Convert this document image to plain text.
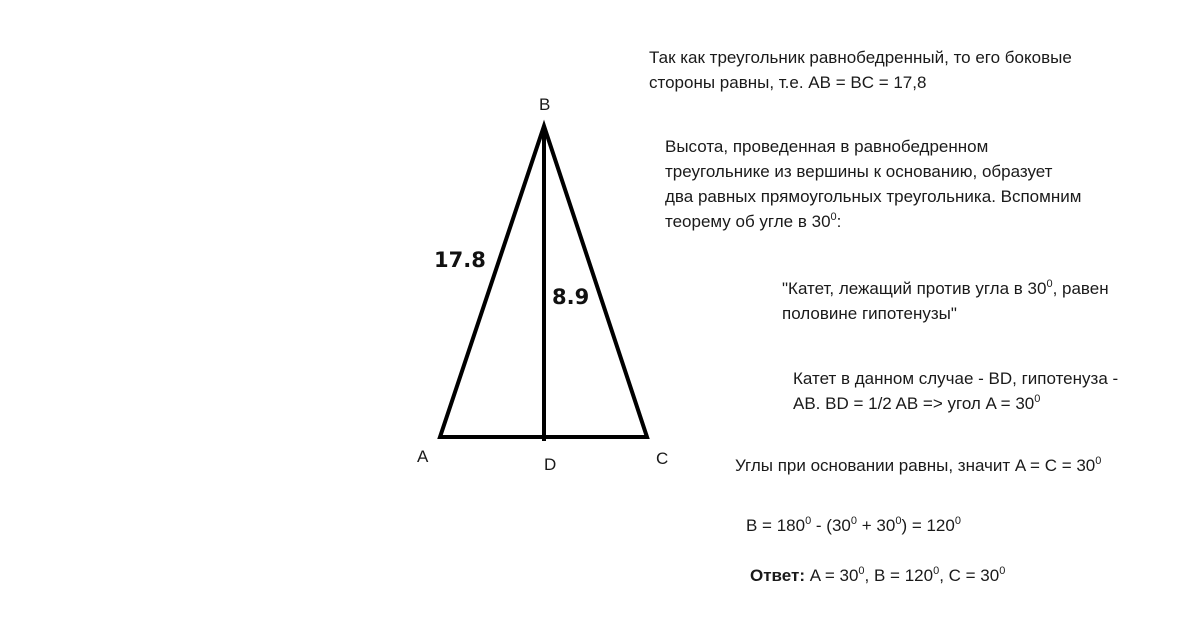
B
A	C
D
17.8
8.9
Так как треугольник равнобедренный, то его боковые
стороны равны, т.е. AB = BC = 17,8
Высота, проведенная в равнобедренном
треугольнике из вершины к основанию, образует
два равных прямоугольных треугольника. Вспомним
теорему об угле в $30^0$:
"Катет, лежащий против угла в $30^0$, равен
половине гипотенузы"
Катет в данном случае - BD, гипотенуза -
AB. BD = 1/2 AB => угол $A = 30^0$
Углы при основании равны, значит $A = C = 30^0$
$B = 180^0 - (30^0 + 30^0) = 120^0$
Ответ: $A = 30^0$, $B = 120^0$, $C = 30^0$
